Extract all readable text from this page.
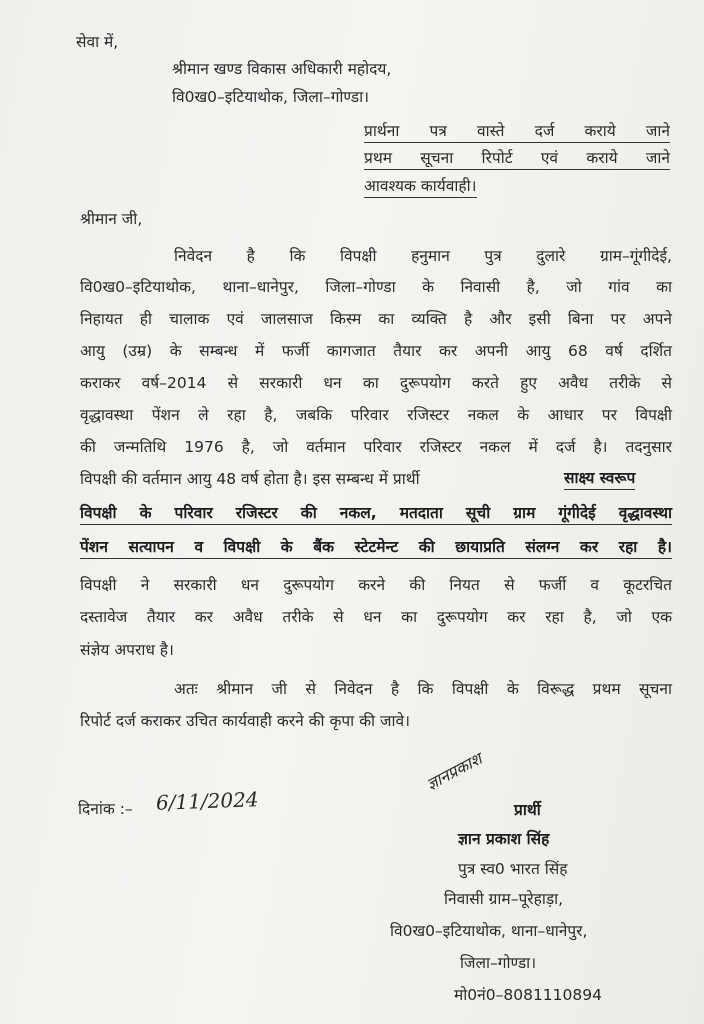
सेवा में,
श्रीमान खण्ड विकास अधिकारी महोदय,
वि0ख0–इटियाथोक, जिला–गोण्डा।
प्रार्थना पत्र वास्ते दर्ज कराये जाने
प्रथम सूचना रिपोर्ट एवं कराये जाने
आवश्यक कार्यवाही।
श्रीमान जी,
निवेदन है कि विपक्षी हनुमान पुत्र दुलारे ग्राम–गूंगीदेई,
वि0ख0–इटियाथोक, थाना–धानेपुर, जिला–गोण्डा के निवासी है, जो गांव का
निहायत ही चालाक एवं जालसाज किस्म का व्यक्ति है और इसी बिना पर अपने
आयु (उम्र) के सम्बन्ध में फर्जी कागजात तैयार कर अपनी आयु 68 वर्ष दर्शित
कराकर वर्ष–2014 से सरकारी धन का दुरूपयोग करते हुए अवैध तरीके से
वृद्धावस्था पेंशन ले रहा है, जबकि परिवार रजिस्टर नकल के आधार पर विपक्षी
की जन्मतिथि 1976 है, जो वर्तमान परिवार रजिस्टर नकल में दर्ज है। तदनुसार
विपक्षी की वर्तमान आयु 48 वर्ष होता है। इस सम्बन्ध में प्रार्थी	साक्ष्य स्वरूप
विपक्षी के परिवार रजिस्टर की नकल, मतदाता सूची ग्राम गूंगीदेई वृद्धावस्था
पेंशन सत्यापन व विपक्षी के बैंक स्टेटमेन्ट की छायाप्रति संलग्न कर रहा है।
विपक्षी ने सरकारी धन दुरूपयोग करने की नियत से फर्जी व कूटरचित
दस्तावेज तैयार कर अवैध तरीके से धन का दुरूपयोग कर रहा है, जो एक
संज्ञेय अपराध है।
अतः श्रीमान जी से निवेदन है कि विपक्षी के विरूद्ध प्रथम सूचना
रिपोर्ट दर्ज कराकर उचित कार्यवाही करने की कृपा की जावे।
दिनांक :– 6/11/2024
ज्ञानप्रकाश
प्रार्थी
ज्ञान प्रकाश सिंह
पुत्र स्व0 भारत सिंह
निवासी ग्राम–पूरेहाड़ा,
वि0ख0–इटियाथोक, थाना–धानेपुर,
जिला–गोण्डा।
मो0नं0–8081110894
